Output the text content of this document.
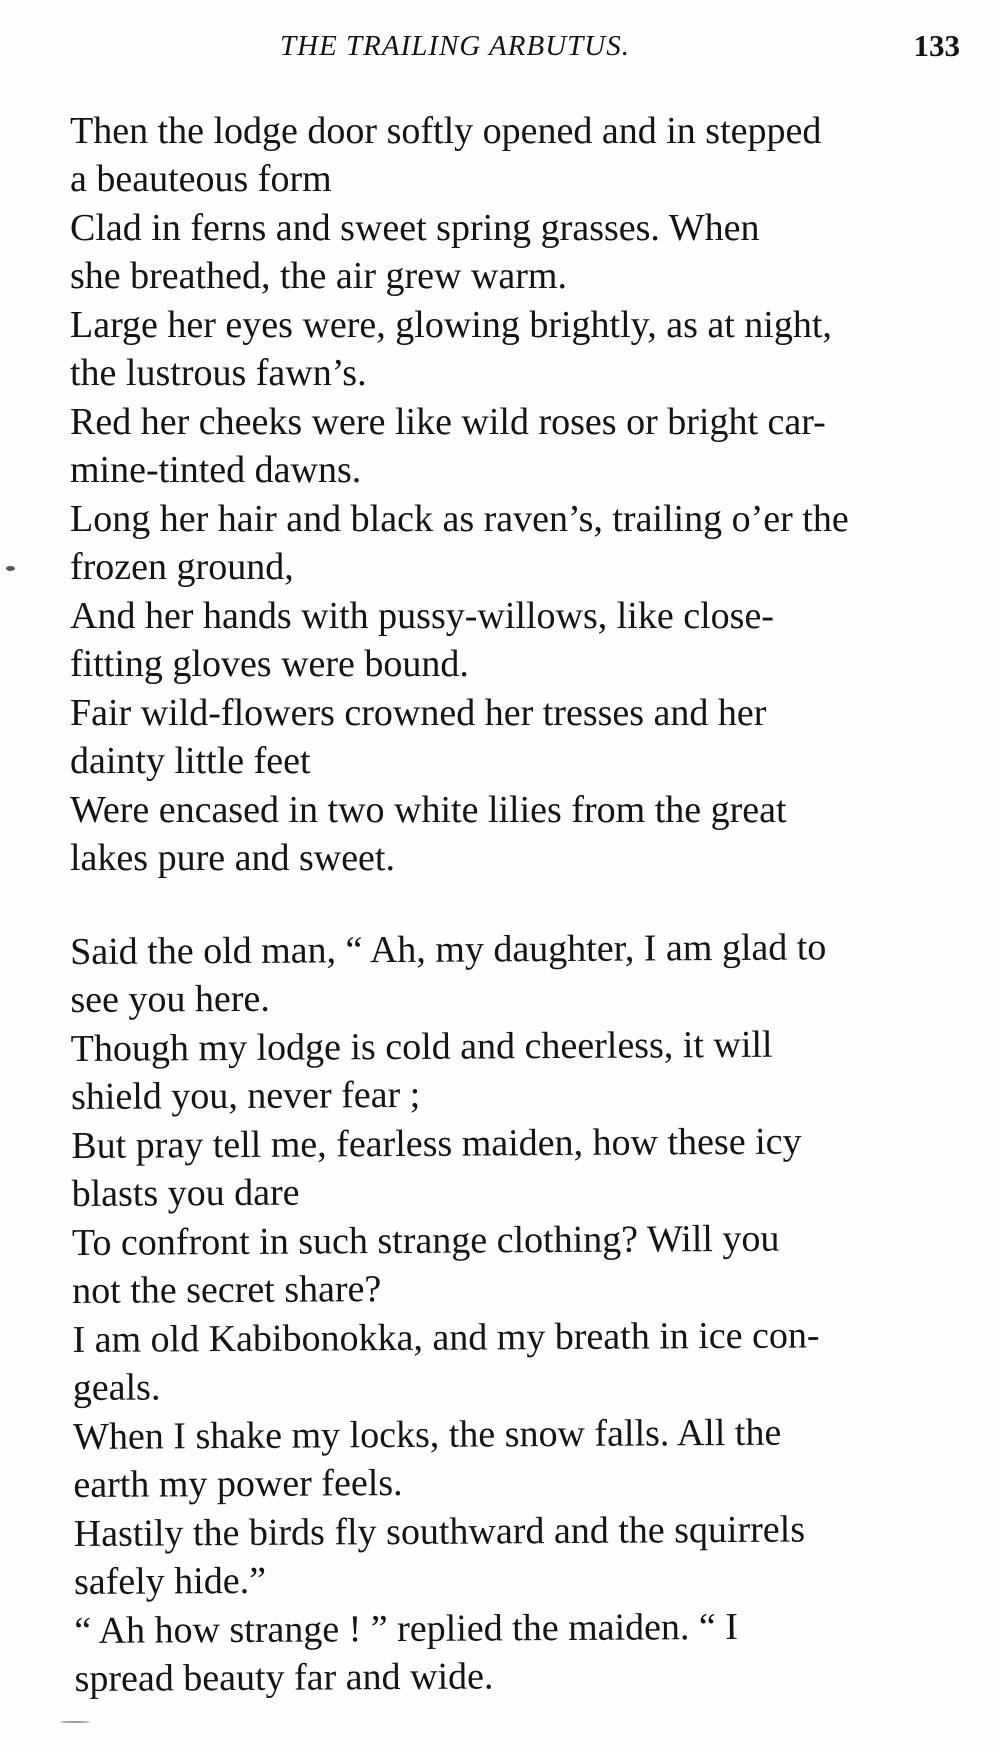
THE TRAILING ARBUTUS.	133

Then the lodge door softly opened and in stepped
a beauteous form

Clad in ferns and sweet spring grasses. When
she breathed, the air grew warm.

Large her eyes were, glowing brightly, as at night,
the lustrous fawn’s.

Red her cheeks were like wild roses or bright car-
mine-tinted dawns.

Long her hair and black as raven’s, trailing o’er the
frozen ground,

And her hands with pussy-willows, like close-
fitting gloves were bound.

Fair wild-flowers crowned her tresses and her
dainty little feet

Were encased in two white lilies from the great
lakes pure and sweet.

Said the old man, “ Ah, my daughter, I am glad to
see you here.

Though my lodge is cold and cheerless, it will
shield you, never fear ;

But pray tell me, fearless maiden, how these icy
blasts you dare

To confront in such strange clothing? Will you
not the secret share?

I am old Kabibonokka, and my breath in ice con-
geals.

When I shake my locks, the snow falls. All the
earth my power feels.

Hastily the birds fly southward and the squirrels
safely hide.”

“ Ah how strange ! ” replied the maiden. “ I
spread beauty far and wide.
